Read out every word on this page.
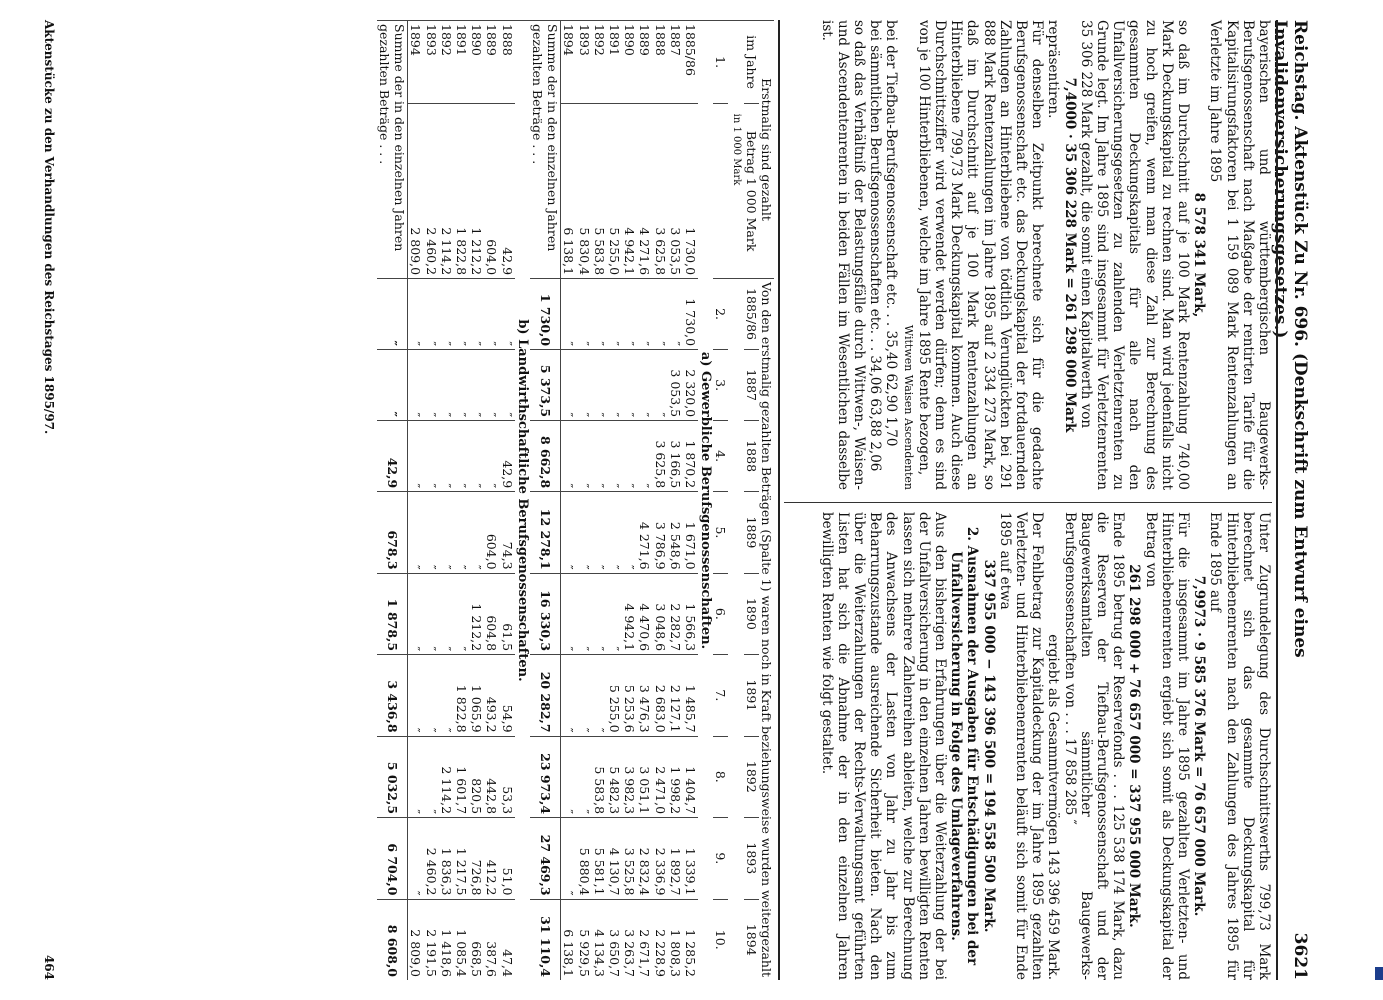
Reichstag. Aktenstück Zu Nr. 696. (Denkschrift zum Entwurf eines Invalidenversicherungsgesetzes.)
3621

bayerischen und württembergischen Baugewerks-Berufsgenossenschaft nach Maßgabe der rentirten Tarife für die Kapitalisirungsfaktoren bei 1 159 089 Mark Rentenzahlungen an Verletzte im Jahre 1895

8 578 341 Mark,

so daß im Durchschnitt auf je 100 Mark Rentenzahlung 740,00 Mark Deckungskapital zu rechnen sind. Man wird jedenfalls nicht zu hoch greifen, wenn man diese Zahl zur Berechnung des gesammten Deckungskapitals für alle nach den Unfallversicherungsgesetzen zu zahlenden Verletztenrenten zu Grunde legt. Im Jahre 1895 sind insgesammt für Verletztenrenten 35 306 228 Mark gezahlt, die somit einen Kapitalwerth von

7,4000 · 35 306 228 Mark = 261 298 000 Mark

repräsentiren.

Für denselben Zeitpunkt berechnete sich für die gedachte Berufsgenossenschaft etc. das Deckungskapital der fortdauernden Zahlungen an Hinterbliebene von tödtlich Verunglückten bei 291 888 Mark Rentenzahlungen im Jahre 1895 auf 2 334 273 Mark, so daß im Durchschnitt auf je 100 Mark Rentenzahlungen an Hinterbliebene 799,73 Mark Deckungskapital kommen. Auch diese Durchschnittsziffer wird verwendet werden dürfen; denn es sind von je 100 Hinterbliebenen, welche im Jahre 1895 Rente bezogen,

Wittwen Waisen Ascendenten

bei der Tiefbau-Berufsgenossenschaft etc. . . 35,40 62,90 1,70

bei sämmtlichen Berufsgenossenschaften etc. . . 34,06 63,88 2,06

so daß das Verhältniß der Belastungsfälle durch Wittwen-, Waisen- und Ascendentenrenten in beiden Fällen im Wesentlichen dasselbe ist.

Unter Zugrundelegung des Durchschnittswerths 799,73 Mark berechnet sich das gesammte Deckungskapital für Hinterbliebenenrenten nach den Zahlungen des Jahres 1895 für Ende 1895 auf

7,9973 · 9 585 376 Mark = 76 657 000 Mark.

Für die insgesammt im Jahre 1895 gezahlten Verletzten- und Hinterbliebenenrenten ergiebt sich somit als Deckungskapital der Betrag von

261 298 000 + 76 657 000 = 337 955 000 Mark.

Ende 1895 betrug der Reservefonds . . . 125 538 174 Mark, dazu die Reserven der Tiefbau-Berufsgenossenschaft und der Baugewerksamtalten sämmtlicher Baugewerks-Berufsgenossenschaften von . . . 17 858 285 ″

ergiebt als Gesammtvermögen 143 396 459 Mark.

Der Fehlbetrag zur Kapitaldeckung der im Jahre 1895 gezahlten Verletzten- und Hinterbliebenenrenten beläuft sich somit für Ende 1895 auf etwa

337 955 000 − 143 396 500 = 194 558 500 Mark.

2. Ausnahmen der Ausgaben für Entschädigungen bei der Unfallversicherung in Folge des Umlageverfahrens.

Aus den bisherigen Erfahrungen über die Weiterzahlung der bei der Unfallversicherung in den einzelnen Jahren bewilligten Renten lassen sich mehrere Zahlenreihen ableiten, welche zur Berechnung des Anwachsens der Lasten von Jahr zu Jahr bis zum Beharrungszustande ausreichende Sicherheit bieten. Nach den über die Weiterzahlungen der Rechts-Verwaltungsamt geführten Listen hat sich die Abnahme der in den einzelnen Jahren bewilligten Renten wie folgt gestaltet.

Erstmalig sind gezahlt		Von den erstmalig gezahlten Beträgen (Spalte 1) waren noch in Kraft beziehungsweise wurden weitergezahlt								
im Jahre	Betrag 1 000 Mark	1885/86	1887	1888	1889	1890	1891	1892	1893	1894
in 1 000 Mark										
1.		2.	3.	4.	5.	6.	7.	8.	9.	10.
a) Gewerbliche Berufsgenossenschaften.										
1885/86	1 730,0	1 730,0	2 320,0	1 870,2	1 671,0	1 566,3	1 485,7	1 404,7	1 339,1	1 285,2
1887	3 053,5	″	3 053,5	3 166,5	2 548,6	2 282,7	2 127,1	1 998,2	1 892,7	1 808,3
1888	3 625,8	″	″	3 625,8	3 786,9	3 048,6	2 683,0	2 471,0	2 336,9	2 228,9
1889	4 271,6	″	″	″	4 271,6	4 470,6	3 476,3	3 051,1	2 832,4	2 671,7
1890	4 942,1	″	″	″	″	4 942,1	5 253,6	3 982,3	3 525,8	3 263,7
1891	5 255,0	″	″	″	″	″	5 255,0	5 482,3	4 130,7	3 650,7
1892	5 583,8	″	″	″	″	″	″	5 583,8	5 581,1	4 134,3
1893	5 830,4	″	″	″	″	″	″	″	5 880,4	5 929,5
1894	6 138,1	″	″	″	″	″	″	″	″	6 138,1
Summe der in den einzelnen Jahren gezahlten Beträge . . .		1 730,0	5 373,5	8 662,8	12 278,1	16 330,3	20 282,7	23 973,4	27 469,3	31 110,4
b) Landwirthschaftliche Berufsgenossenschaften.										
1888	42,9	″	″	42,9	74,3	61,5	54,9	53,3	51,0	47,4
1889	604,0	″	″	″	604,0	604,8	493,2	442,8	412,2	387,6
1890	1 212,2	″	″	″	″	1 212,2	1 065,9	820,5	726,8	668,5
1891	1 822,8	″	″	″	″	″	1 822,8	1 601,7	1 217,5	1 085,4
1892	2 114,2	″	″	″	″	″	″	2 114,2	1 836,3	1 418,6
1893	2 460,2	″	″	″	″	″	″	″	2 460,2	2 191,5
1894	2 809,0	″	″	″	″	″	″	″	″	2 809,0
Summe der in den einzelnen Jahren gezahlten Beträge . . .		″	″	42,9	678,3	1 878,5	3 436,8	5 032,5	6 704,0	8 608,0
Aktenstücke zu den Verhandlungen des Reichstages 1895/97.
464
